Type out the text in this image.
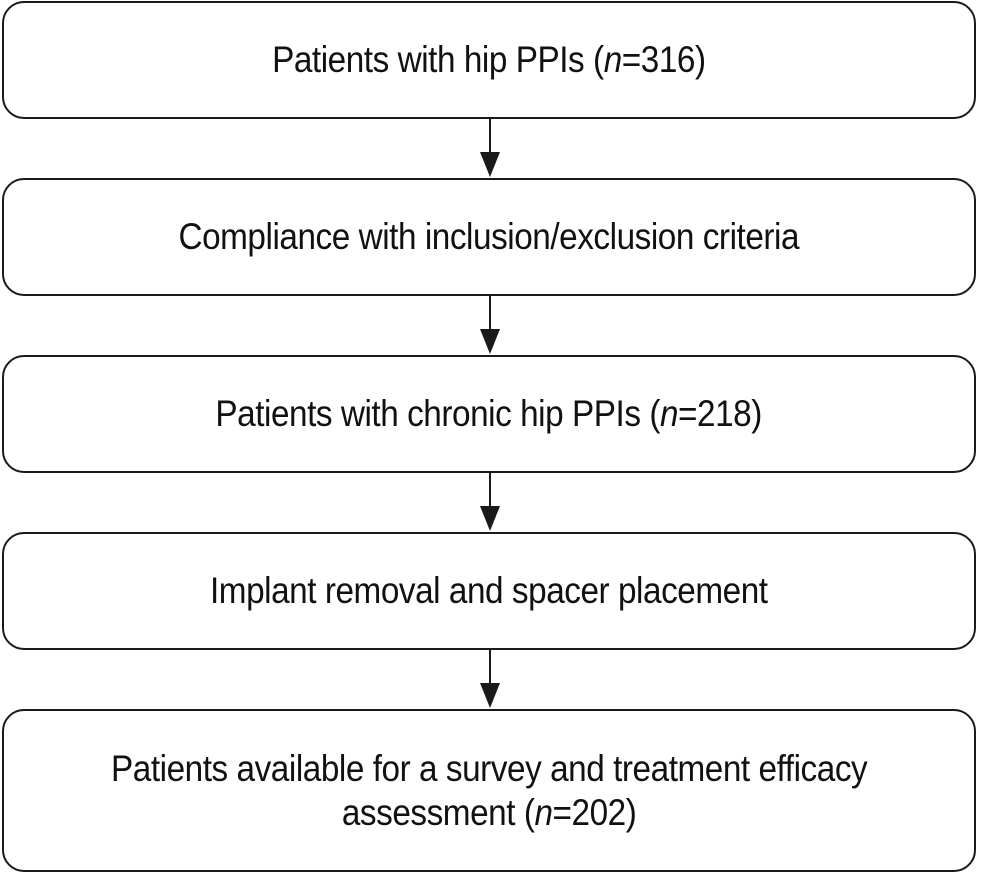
Patients with hip PPIs (n=316)
Compliance with inclusion/exclusion criteria
Patients with chronic hip PPIs (n=218)
Implant removal and spacer placement
Patients available for a survey and treatment efficacy
assessment (n=202)
